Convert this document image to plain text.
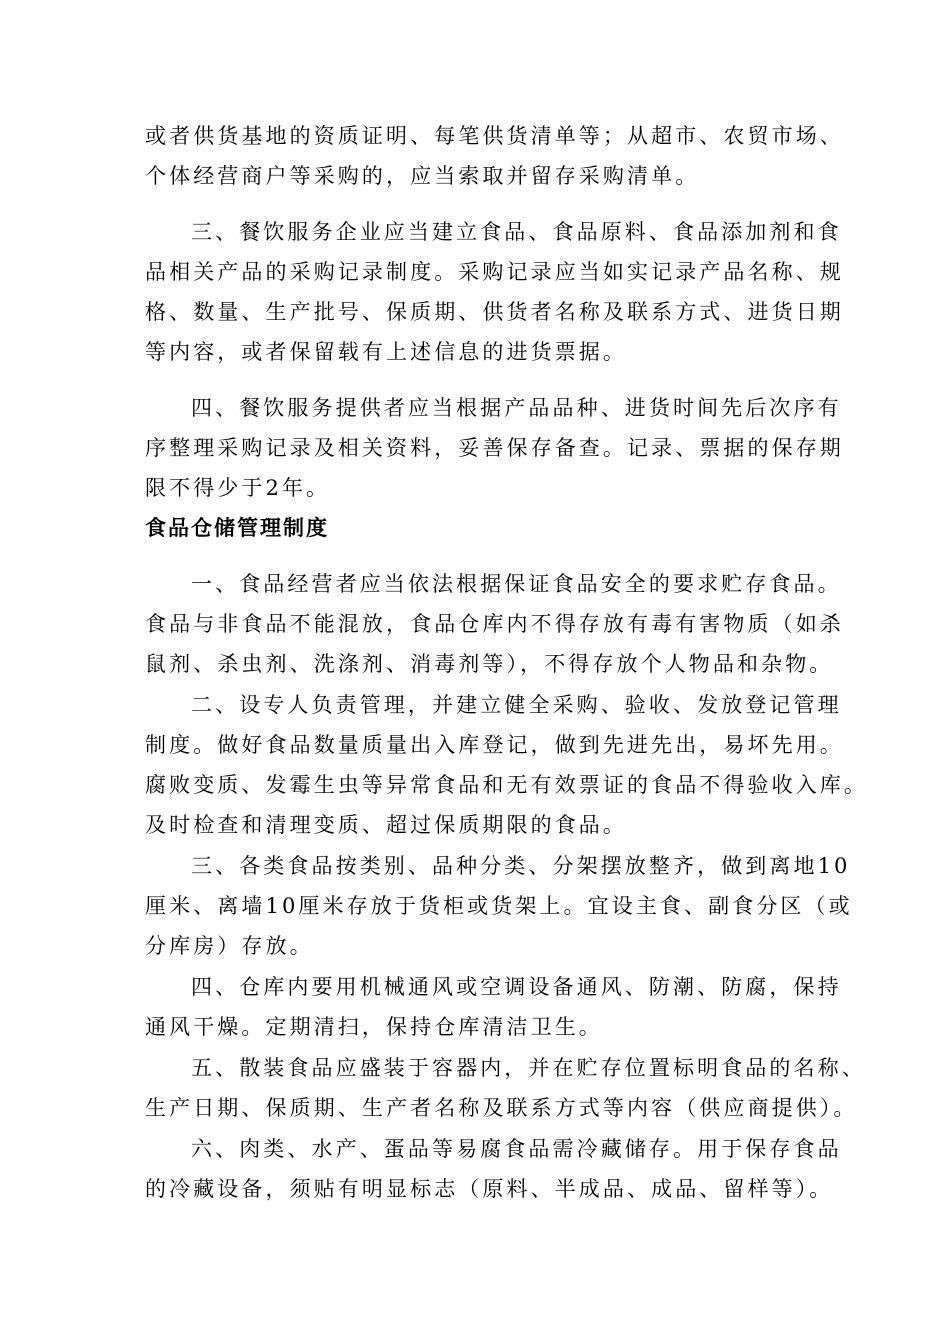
或者供货基地的资质证明、每笔供货清单等；从超市、农贸市场、
个体经营商户等采购的，应当索取并留存采购清单。
三、餐饮服务企业应当建立食品、食品原料、食品添加剂和食
品相关产品的采购记录制度。采购记录应当如实记录产品名称、规
格、数量、生产批号、保质期、供货者名称及联系方式、进货日期
等内容，或者保留载有上述信息的进货票据。
四、餐饮服务提供者应当根据产品品种、进货时间先后次序有
序整理采购记录及相关资料，妥善保存备查。记录、票据的保存期
限不得少于2年。
食品仓储管理制度
一、食品经营者应当依法根据保证食品安全的要求贮存食品。
食品与非食品不能混放，食品仓库内不得存放有毒有害物质（如杀
鼠剂、杀虫剂、洗涤剂、消毒剂等），不得存放个人物品和杂物。
二、设专人负责管理，并建立健全采购、验收、发放登记管理
制度。做好食品数量质量出入库登记，做到先进先出，易坏先用。
腐败变质、发霉生虫等异常食品和无有效票证的食品不得验收入库。
及时检查和清理变质、超过保质期限的食品。
三、各类食品按类别、品种分类、分架摆放整齐，做到离地10
厘米、离墙10厘米存放于货柜或货架上。宜设主食、副食分区（或
分库房）存放。
四、仓库内要用机械通风或空调设备通风、防潮、防腐，保持
通风干燥。定期清扫，保持仓库清洁卫生。
五、散装食品应盛装于容器内，并在贮存位置标明食品的名称、
生产日期、保质期、生产者名称及联系方式等内容（供应商提供）。
六、肉类、水产、蛋品等易腐食品需冷藏储存。用于保存食品
的冷藏设备，须贴有明显标志（原料、半成品、成品、留样等）。
